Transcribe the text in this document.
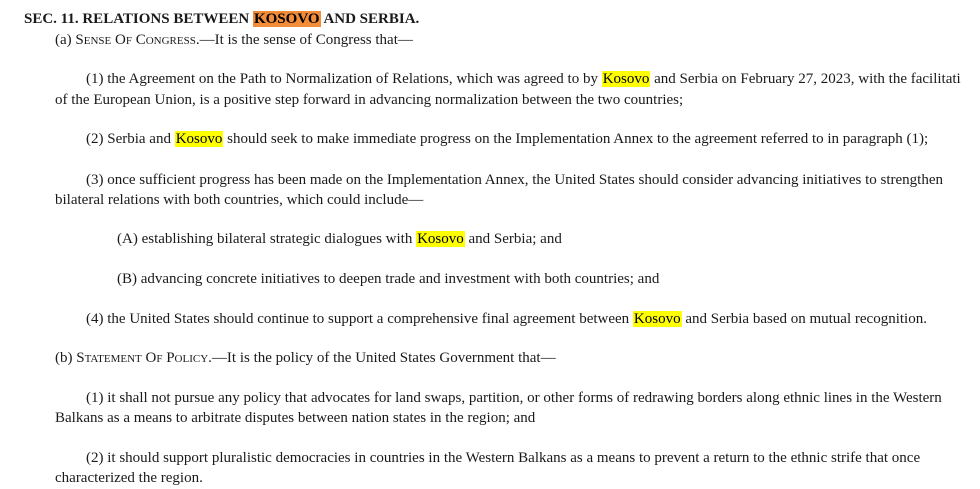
SEC. 11. RELATIONS BETWEEN KOSOVO AND SERBIA.
(a) Sense Of Congress.—It is the sense of Congress that—
(1) the Agreement on the Path to Normalization of Relations, which was agreed to by Kosovo and Serbia on February 27, 2023, with the facilitati
of the European Union, is a positive step forward in advancing normalization between the two countries;
(2) Serbia and Kosovo should seek to make immediate progress on the Implementation Annex to the agreement referred to in paragraph (1);
(3) once sufficient progress has been made on the Implementation Annex, the United States should consider advancing initiatives to strengthen
bilateral relations with both countries, which could include—
(A) establishing bilateral strategic dialogues with Kosovo and Serbia; and
(B) advancing concrete initiatives to deepen trade and investment with both countries; and
(4) the United States should continue to support a comprehensive final agreement between Kosovo and Serbia based on mutual recognition.
(b) Statement Of Policy.—It is the policy of the United States Government that—
(1) it shall not pursue any policy that advocates for land swaps, partition, or other forms of redrawing borders along ethnic lines in the Western
Balkans as a means to arbitrate disputes between nation states in the region; and
(2) it should support pluralistic democracies in countries in the Western Balkans as a means to prevent a return to the ethnic strife that once
characterized the region.
